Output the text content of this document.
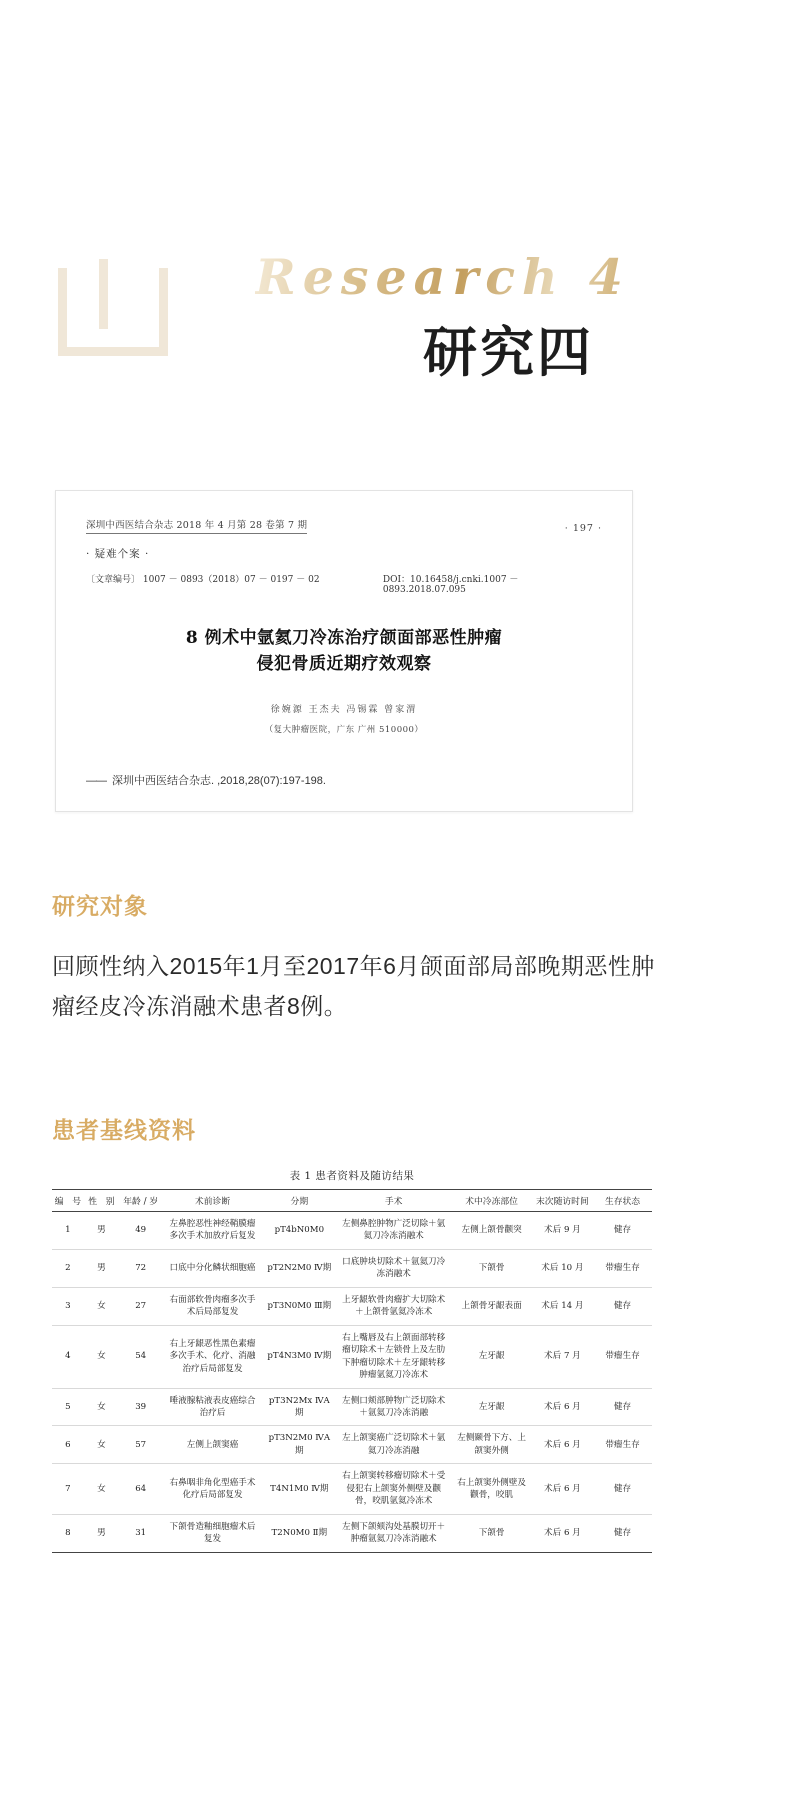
Research 4
研究四
深圳中西医结合杂志 2018 年 4 月第 28 卷第 7 期	· 197 ·
· 疑难个案 ·
〔文章编号〕 1007 － 0893（2018）07 － 0197 － 02	DOI：10.16458/j.cnki.1007 － 0893.2018.07.095
8 例术中氩氦刀冷冻治疗颌面部恶性肿瘤
侵犯骨质近期疗效观察
徐婉源 王杰夫 冯锡霖 曾家渭
（复大肿瘤医院，广东 广州 510000）
—— 深圳中西医结合杂志. ,2018,28(07):197-198.
研究对象
回顾性纳入2015年1月至2017年6月颌面部局部晚期恶性肿瘤经皮冷冻消融术患者8例。
患者基线资料
表 1 患者资料及随访结果
编　号	性　别	年龄 / 岁	术前诊断	分期	手术	术中冷冻部位	末次随访时间	生存状态
1	男	49	左鼻腔恶性神经鞘膜瘤多次手术加放疗后复发	pT4bN0M0	左侧鼻腔肿物广泛切除＋氩氦刀冷冻消融术	左侧上颌骨颧突	术后 9 月	健存
2	男	72	口底中分化鳞状细胞癌	pT2N2M0 Ⅳ期	口底肿块切除术＋氩氦刀冷冻消融术	下颌骨	术后 10 月	带瘤生存
3	女	27	右面部软骨肉瘤多次手术后局部复发	pT3N0M0 Ⅲ期	上牙龈软骨肉瘤扩大切除术＋上颌骨氩氦冷冻术	上颌骨牙龈表面	术后 14 月	健存
4	女	54	右上牙龈恶性黑色素瘤多次手术、化疗、消融治疗后局部复发	pT4N3M0 Ⅳ期	右上嘴唇及右上颌面部转移瘤切除术＋左锁骨上及左肋下肿瘤切除术＋左牙龈转移肿瘤氩氦刀冷冻术	左牙龈	术后 7 月	带瘤生存
5	女	39	唾液腺粘液表皮癌综合治疗后	pT3N2Mx ⅣA 期	左侧口颊部肿物广泛切除术＋氩氦刀冷冻消融	左牙龈	术后 6 月	健存
6	女	57	左侧上颌窦癌	pT3N2M0 ⅣA 期	左上颌窦癌广泛切除术＋氩氦刀冷冻消融	左侧颞骨下方、上颌窦外侧	术后 6 月	带瘤生存
7	女	64	右鼻咽非角化型癌手术化疗后局部复发	T4N1M0 Ⅳ期	右上颌窦转移瘤切除术＋受侵犯右上颌窦外侧壁及颧骨，咬肌氩氦冷冻术	右上颌窦外侧壁及颧骨，咬肌	术后 6 月	健存
8	男	31	下颌骨造釉细胞瘤术后复发	T2N0M0 Ⅱ期	左侧下颌颏沟处基膜切开＋肿瘤氩氦刀冷冻消融术	下颌骨	术后 6 月	健存
